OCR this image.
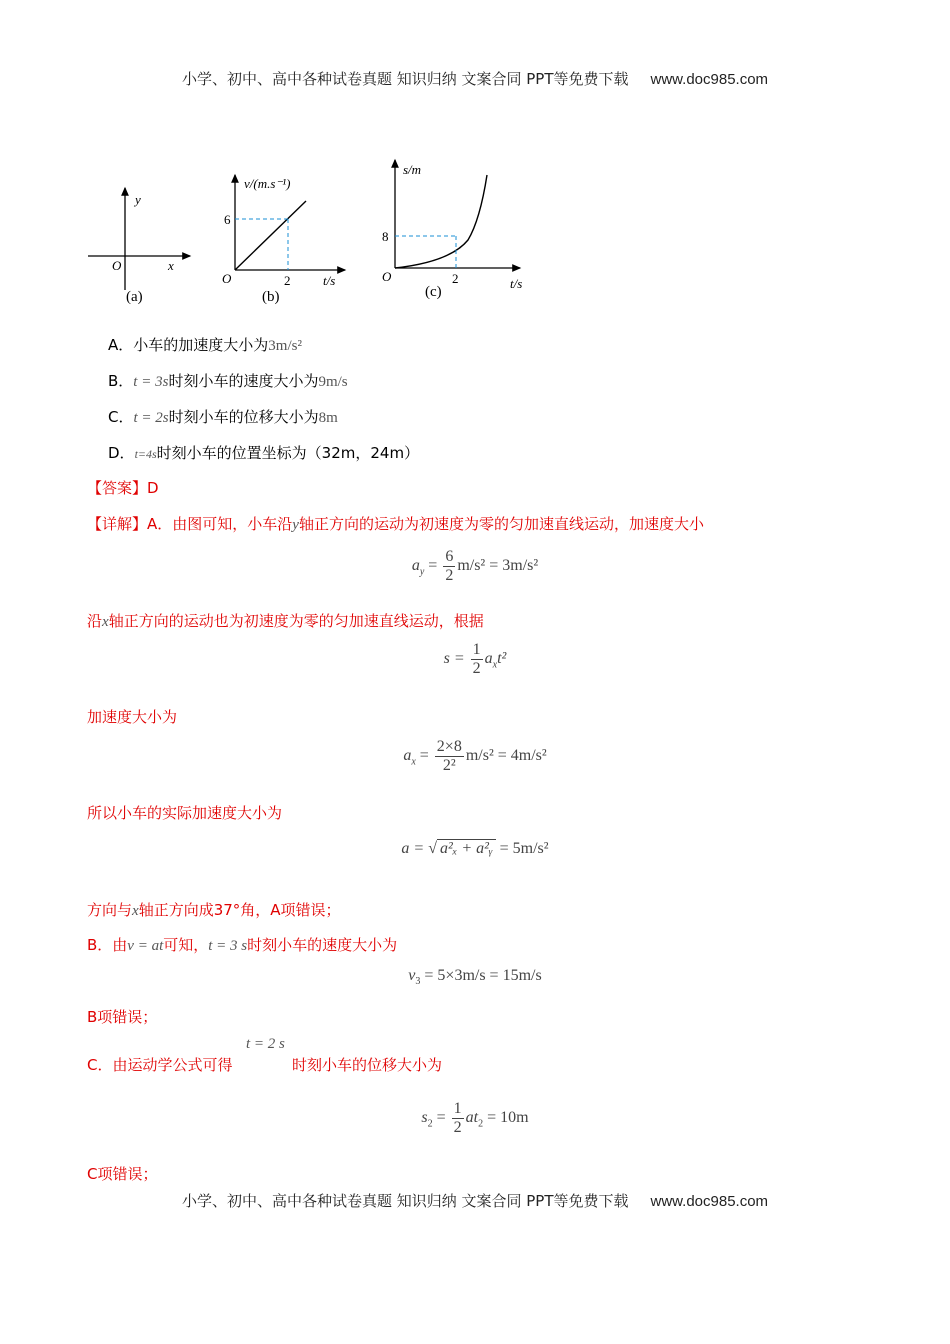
小学、初中、高中各种试卷真题 知识归纳 文案合同 PPT等免费下载 www.doc985.com
y
x
O
(a)
v/(m.s⁻¹)
6
2
O	t/s
(b)
s/m
8
2
O	t/s
(c)
A．小车的加速度大小为3m/s²
B．t = 3s时刻小车的速度大小为9m/s
C．t = 2s时刻小车的位移大小为8m
D．t=4s时刻小车的位置坐标为（32m，24m）
【答案】D
【详解】A．由图可知，小车沿y轴正方向的运动为初速度为零的匀加速直线运动，加速度大小
$a_y = \frac{6}{2} m/s^2 = 3m/s^2$
沿x轴正方向的运动也为初速度为零的匀加速直线运动，根据
$s = \frac{1}{2} a_xt^2$
加速度大小为
$a_x = \frac{2\times 8}{\text{2²}} m/s^2 = 4m/s^2$
所以小车的实际加速度大小为
a = √ a²ₓ + a²ᵧ = 5m/s²
方向与x轴正方向成37°角，A项错误；
B．由v = at可知，t = 3 s时刻小车的速度大小为
$v_3 = 5\times 3m/s = 15m/s$
B项错误；
C．由运动学公式可得
t = 2 s
时刻小车的位移大小为
$s_2 = \frac{1}{2} at_2 = 10m$
C项错误；
小学、初中、高中各种试卷真题 知识归纳 文案合同 PPT等免费下载 www.doc985.com
